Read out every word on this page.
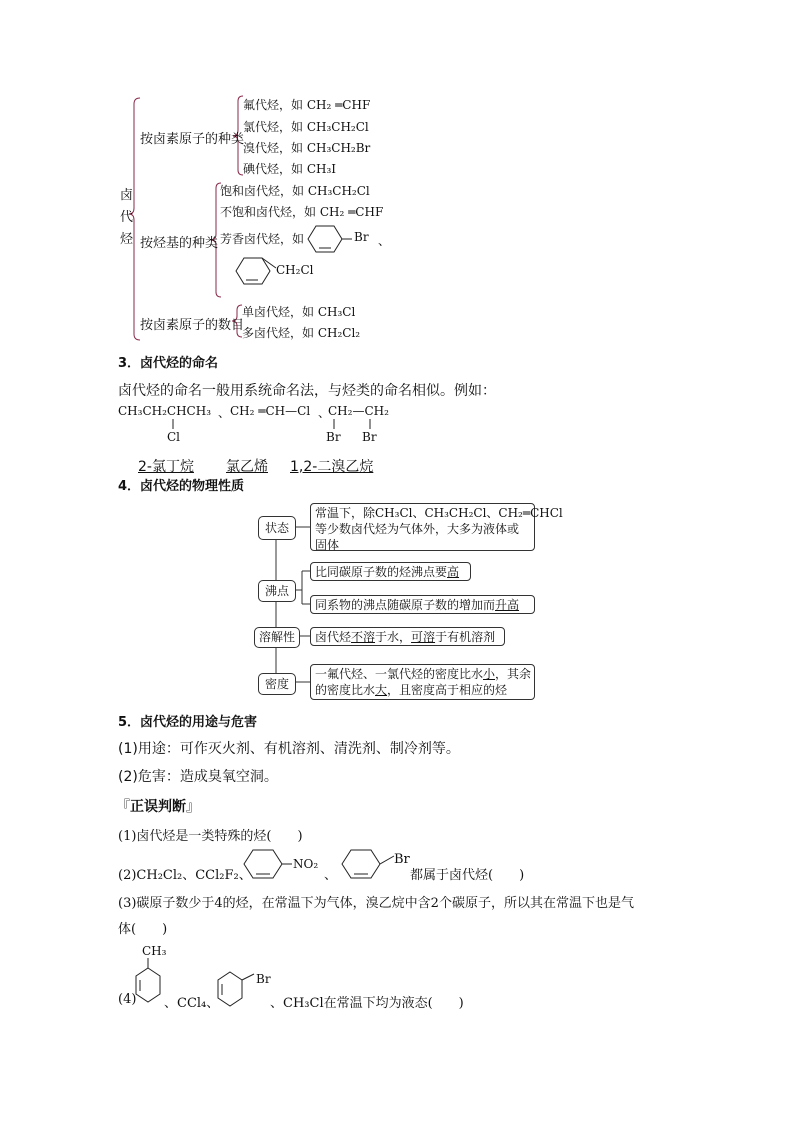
卤代烃
按卤素原子的种类
氟代烃，如 CH₂ ═CHF
氯代烃，如 CH₃CH₂Cl
溴代烃，如 CH₃CH₂Br
碘代烃，如 CH₃I
按烃基的种类
饱和卤代烃，如 CH₃CH₂Cl
不饱和卤代烃，如 CH₂ ═CHF
芳香卤代烃，如	Br 、
CH₂Cl
按卤素原子的数目
单卤代烃，如 CH₃Cl
多卤代烃，如 CH₂Cl₂
3．卤代烃的命名
卤代烃的命名一般用系统命名法，与烃类的命名相似。例如：
CH₃CH₂CHCH₃ 、
Cl
CH₂ ═CH—Cl 、
CH₂—CH₂
Br Br
2-氯丁烷 氯乙烯 1,2-二溴乙烷
4．卤代烃的物理性质
状态
常温下，除CH₃Cl、CH₃CH₂Cl、CH₂═CHCl
等少数卤代烃为气体外，大多为液体或
固体
沸点
比同碳原子数的烃沸点要高
同系物的沸点随碳原子数的增加而升高
溶解性	卤代烃不溶于水，可溶于有机溶剂
密度
一氟代烃、一氯代烃的密度比水小，其余
的密度比水大，且密度高于相应的烃
5．卤代烃的用途与危害
(1)用途：可作灭火剂、有机溶剂、清洗剂、制冷剂等。
(2)危害：造成臭氧空洞。
『正误判断』
(1)卤代烃是一类特殊的烃(　　)
(2)CH₂Cl₂、CCl₂F₂、
NO₂
、
Br
都属于卤代烃(　　)
(3)碳原子数少于4的烃，在常温下为气体，溴乙烷中含2个碳原子，所以其在常温下也是气
体(　　)
(4)
CH₃
、CCl₄、
Br
、CH₃Cl在常温下均为液态(　　)
